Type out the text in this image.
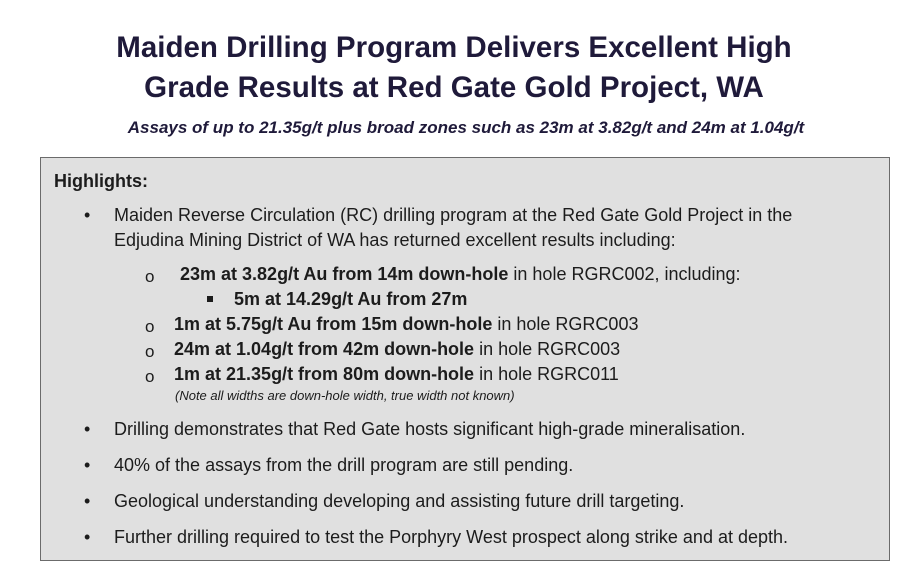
Maiden Drilling Program Delivers Excellent High
Grade Results at Red Gate Gold Project, WA
Assays of up to 21.35g/t plus broad zones such as 23m at 3.82g/t and 24m at 1.04g/t
Highlights:
• Maiden Reverse Circulation (RC) drilling program at the Red Gate Gold Project in the
Edjudina Mining District of WA has returned excellent results including:
o 23m at 3.82g/t Au from 14m down-hole in hole RGRC002, including:
5m at 14.29g/t Au from 27m
o 1m at 5.75g/t Au from 15m down-hole in hole RGRC003
o 24m at 1.04g/t from 42m down-hole in hole RGRC003
o 1m at 21.35g/t from 80m down-hole in hole RGRC011
(Note all widths are down-hole width, true width not known)
• Drilling demonstrates that Red Gate hosts significant high-grade mineralisation.
• 40% of the assays from the drill program are still pending.
• Geological understanding developing and assisting future drill targeting.
• Further drilling required to test the Porphyry West prospect along strike and at depth.
